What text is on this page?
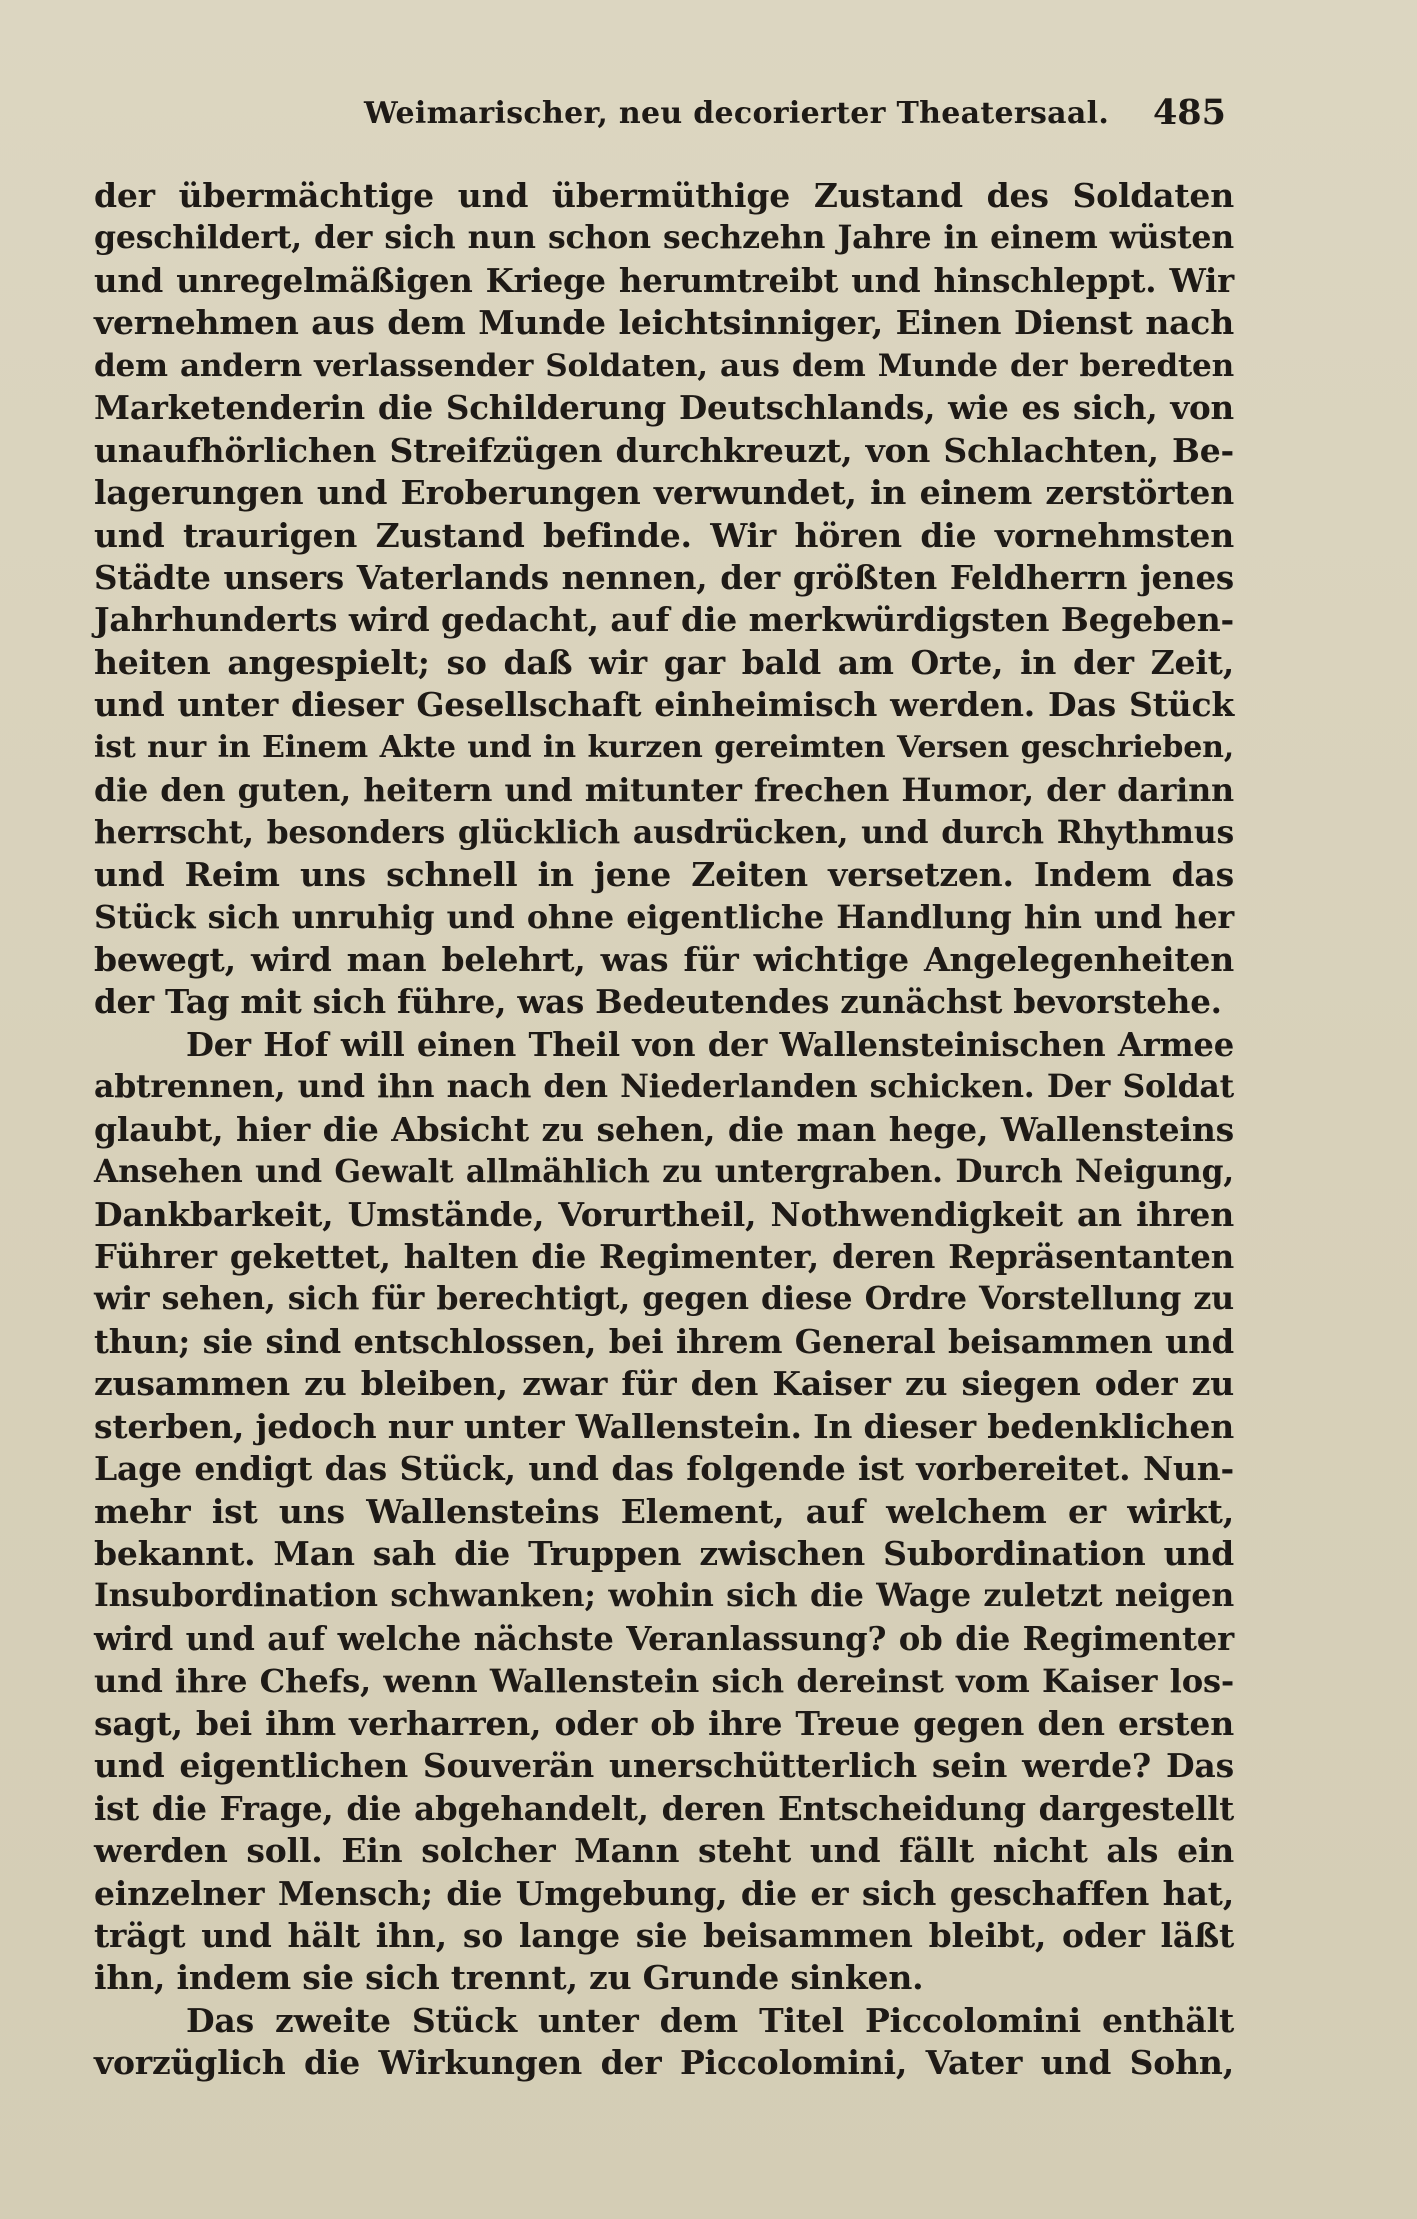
Weimarischer, neu decorierter Theatersaal. 485
der übermächtige und übermüthige Zustand des Soldaten
geschildert, der sich nun schon sechzehn Jahre in einem wüsten
und unregelmäßigen Kriege herumtreibt und hinschleppt. Wir
vernehmen aus dem Munde leichtsinniger, Einen Dienst nach
dem andern verlassender Soldaten, aus dem Munde der beredten
Marketenderin die Schilderung Deutschlands, wie es sich, von
unaufhörlichen Streifzügen durchkreuzt, von Schlachten, Be-
lagerungen und Eroberungen verwundet, in einem zerstörten
und traurigen Zustand befinde. Wir hören die vornehmsten
Städte unsers Vaterlands nennen, der größten Feldherrn jenes
Jahrhunderts wird gedacht, auf die merkwürdigsten Begeben-
heiten angespielt; so daß wir gar bald am Orte, in der Zeit,
und unter dieser Gesellschaft einheimisch werden. Das Stück
ist nur in Einem Akte und in kurzen gereimten Versen geschrieben,
die den guten, heitern und mitunter frechen Humor, der darinn
herrscht, besonders glücklich ausdrücken, und durch Rhythmus
und Reim uns schnell in jene Zeiten versetzen. Indem das
Stück sich unruhig und ohne eigentliche Handlung hin und her
bewegt, wird man belehrt, was für wichtige Angelegenheiten
der Tag mit sich führe, was Bedeutendes zunächst bevorstehe.
Der Hof will einen Theil von der Wallensteinischen Armee
abtrennen, und ihn nach den Niederlanden schicken. Der Soldat
glaubt, hier die Absicht zu sehen, die man hege, Wallensteins
Ansehen und Gewalt allmählich zu untergraben. Durch Neigung,
Dankbarkeit, Umstände, Vorurtheil, Nothwendigkeit an ihren
Führer gekettet, halten die Regimenter, deren Repräsentanten
wir sehen, sich für berechtigt, gegen diese Ordre Vorstellung zu
thun; sie sind entschlossen, bei ihrem General beisammen und
zusammen zu bleiben, zwar für den Kaiser zu siegen oder zu
sterben, jedoch nur unter Wallenstein. In dieser bedenklichen
Lage endigt das Stück, und das folgende ist vorbereitet. Nun-
mehr ist uns Wallensteins Element, auf welchem er wirkt,
bekannt. Man sah die Truppen zwischen Subordination und
Insubordination schwanken; wohin sich die Wage zuletzt neigen
wird und auf welche nächste Veranlassung? ob die Regimenter
und ihre Chefs, wenn Wallenstein sich dereinst vom Kaiser los-
sagt, bei ihm verharren, oder ob ihre Treue gegen den ersten
und eigentlichen Souverän unerschütterlich sein werde? Das
ist die Frage, die abgehandelt, deren Entscheidung dargestellt
werden soll. Ein solcher Mann steht und fällt nicht als ein
einzelner Mensch; die Umgebung, die er sich geschaffen hat,
trägt und hält ihn, so lange sie beisammen bleibt, oder läßt
ihn, indem sie sich trennt, zu Grunde sinken.
Das zweite Stück unter dem Titel Piccolomini enthält
vorzüglich die Wirkungen der Piccolomini, Vater und Sohn,
